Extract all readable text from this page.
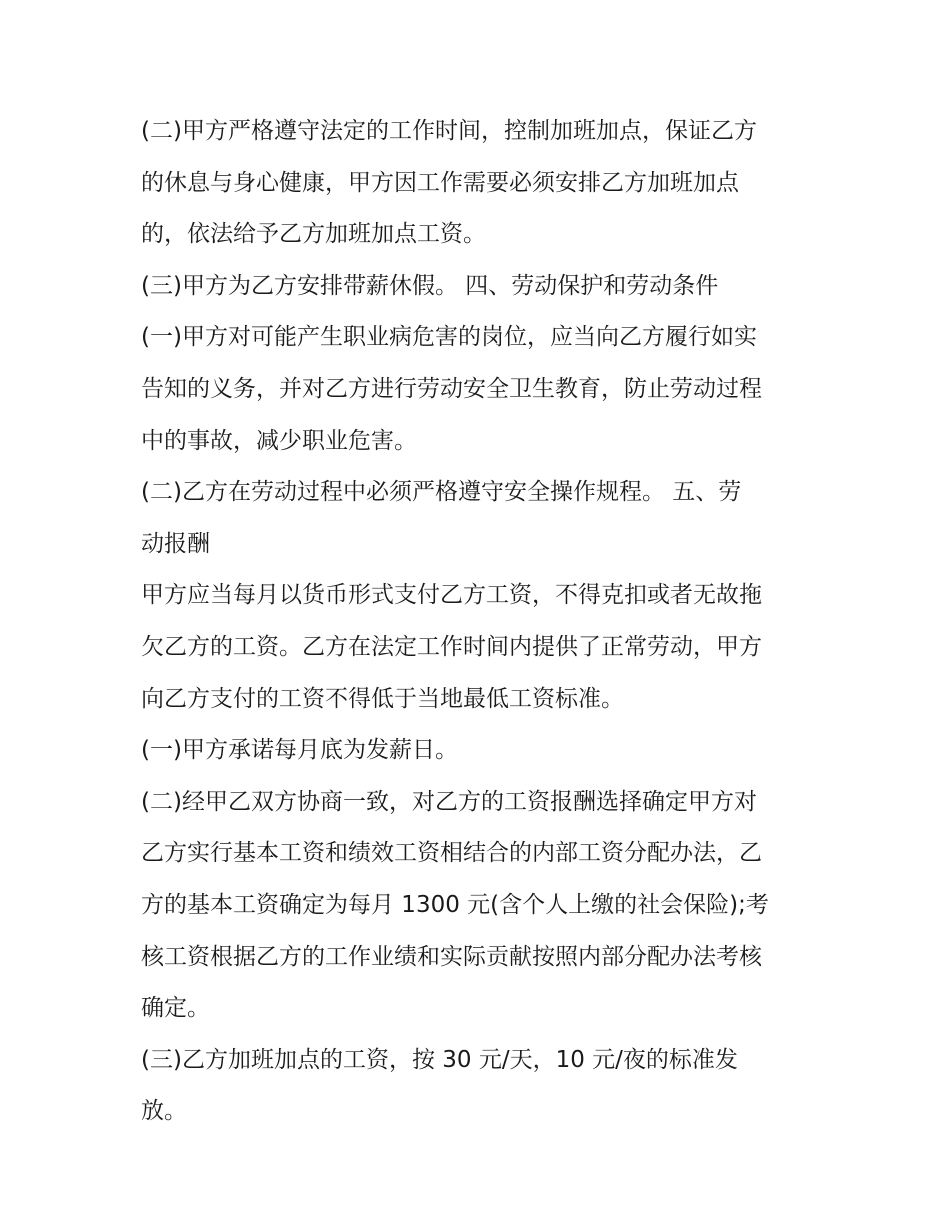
(二)甲方严格遵守法定的工作时间，控制加班加点，保证乙方
的休息与身心健康，甲方因工作需要必须安排乙方加班加点
的，依法给予乙方加班加点工资。
(三)甲方为乙方安排带薪休假。 四、劳动保护和劳动条件
(一)甲方对可能产生职业病危害的岗位，应当向乙方履行如实
告知的义务，并对乙方进行劳动安全卫生教育，防止劳动过程
中的事故，减少职业危害。
(二)乙方在劳动过程中必须严格遵守安全操作规程。 五、劳
动报酬
甲方应当每月以货币形式支付乙方工资，不得克扣或者无故拖
欠乙方的工资。乙方在法定工作时间内提供了正常劳动，甲方
向乙方支付的工资不得低于当地最低工资标准。
(一)甲方承诺每月底为发薪日。
(二)经甲乙双方协商一致，对乙方的工资报酬选择确定甲方对
乙方实行基本工资和绩效工资相结合的内部工资分配办法，乙
方的基本工资确定为每月 1300 元(含个人上缴的社会保险);考
核工资根据乙方的工作业绩和实际贡献按照内部分配办法考核
确定。
(三)乙方加班加点的工资，按 30 元/天，10 元/夜的标准发
放。
